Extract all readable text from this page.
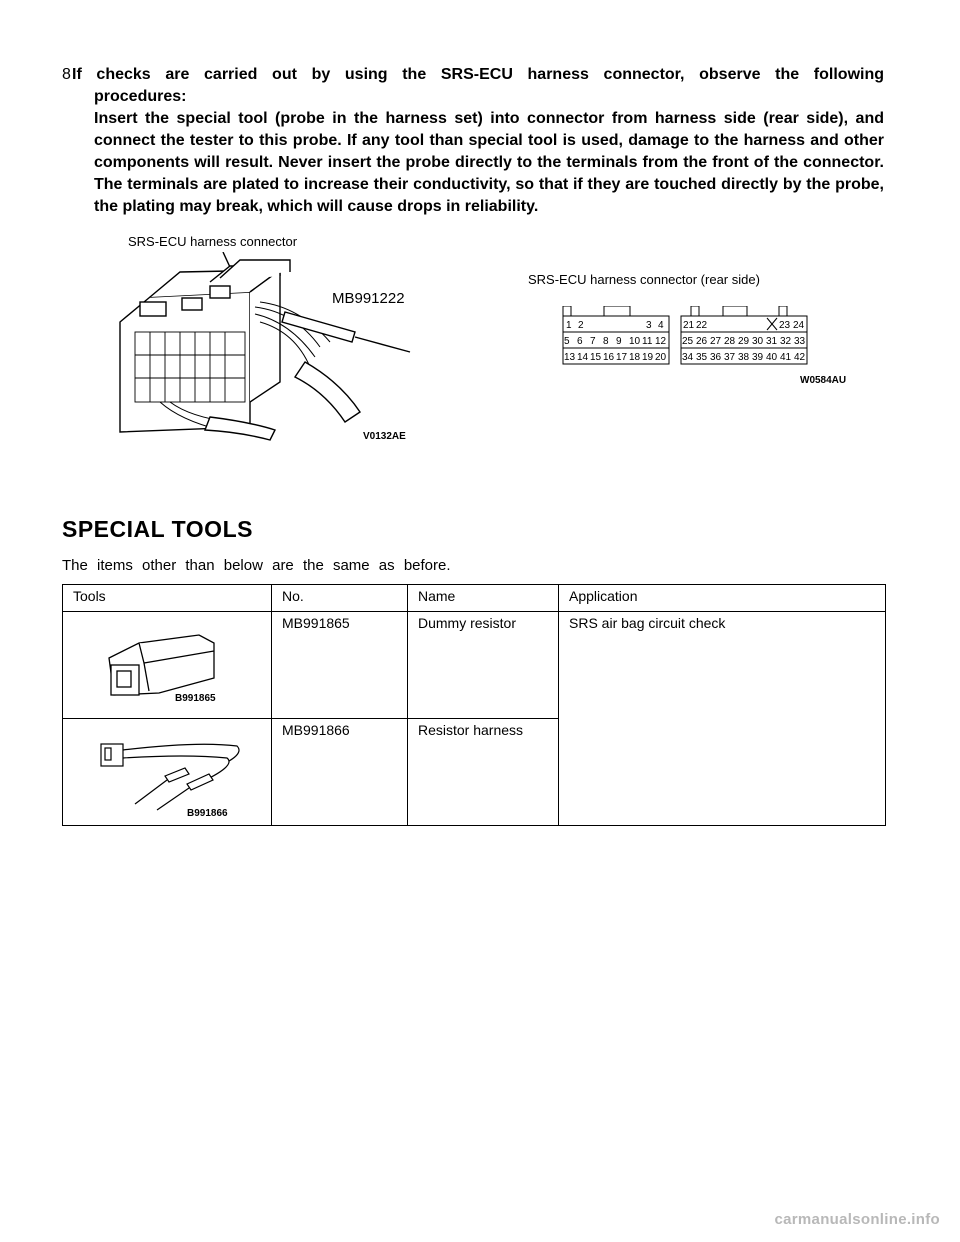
8 If checks are carried out by using the SRS-ECU harness connector, observe the following
procedures:
Insert the special tool (probe in the harness set) into connector from harness side (rear side), and connect the tester to this probe. If any tool than special tool is used, damage to the harness and other components will result. Never insert the probe directly to the terminals from the front of the connector. The terminals are plated to increase their conductivity, so that if they are touched directly by the probe, the plating may break, which will cause drops in reliability.
SRS-ECU harness connector
MB991222
V0132AE
SRS-ECU harness connector (rear side)
1 2	3 4 21 22	23 24
5 6 7 8 9 10 11 12 25 26 27 28 29 30 31 32 33
13 14 15 16 17 18 19 20 34 35 36 37 38 39 40 41 42
W0584AU
SPECIAL TOOLS
The items other than below are the same as before.
Tools	No.	Name	Application

B991865	MB991865	Dummy resistor	SRS air bag circuit check

B991866	MB991866	Resistor harness	
carmanualsonline.info
